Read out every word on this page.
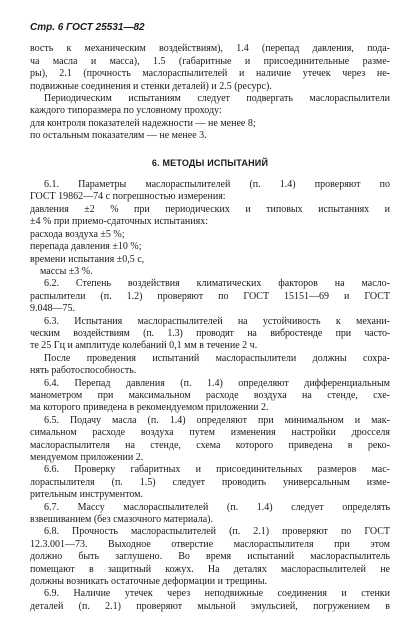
Стр. 6 ГОСТ 25531—82
вость к механическим воздействиям), 1.4 (перепад давления, пода-
ча масла и масса), 1.5 (габаритные и присоединительные разме-
ры), 2.1 (прочность маслораспылителей и наличие утечек через не-
подвижные соединения и стенки деталей) и 2.5 (ресурс).
Периодическим испытаниям следует подвергать маслораспылители
каждого типоразмера по условному проходу:
для контроля показателей надежности — не менее 8;
по остальным показателям — не менее 3.
6. МЕТОДЫ ИСПЫТАНИЙ
6.1. Параметры маслораспылителей (п. 1.4) проверяют по
ГОСТ 19862—74 с погрешностью измерения:
давления ±2 % при периодических и типовых испытаниях и
±4 % при приемо-сдаточных испытаниях:
расхода воздуха ±5 %;
перепада давления ±10 %;
времени испытания ±0,5 с,
массы ±3 %.
6.2. Степень воздействия климатических факторов на масло-
распылители (п. 1.2) проверяют по ГОСТ 15151—69 и ГОСТ
9.048—75.
6.3. Испытания маслораспылителей на устойчивость к механи-
ческим воздействиям (п. 1.3) проводят на вибростенде при часто-
те 25 Гц и амплитуде колебаний 0,1 мм в течение 2 ч.
После проведения испытаний маслораспылители должны сохра-
нять работоспособность.
6.4. Перепад давления (п. 1.4) определяют дифференциальным
манометром при максимальном расходе воздуха на стенде, схе-
ма которого приведена в рекомендуемом приложении 2.
6.5. Подачу масла (п. 1.4) определяют при минимальном и мак-
симальном расходе воздуха путем изменения настройки дросселя
маслораспылителя на стенде, схема которого приведена в реко-
мендуемом приложении 2.
6.6. Проверку габаритных и присоединительных размеров мас-
лораспылителя (п. 1.5) следует проводить универсальным изме-
рительным инструментом.
6.7. Массу маслораспылителей (п. 1.4) следует определять
взвешиванием (без смазочного материала).
6.8. Прочность маслораспылителей (п. 2.1) проверяют по ГОСТ
12.3.001—73. Выходное отверстие маслораспылителя при этом
должно быть заглушено. Во время испытаний маслораспылитель
помещают в защитный кожух. На деталях маслораспылителей не
должны возникать остаточные деформации и трещины.
6.9. Наличие утечек через неподвижные соединения и стенки
деталей (п. 2.1) проверяют мыльной эмульсией, погружением в
